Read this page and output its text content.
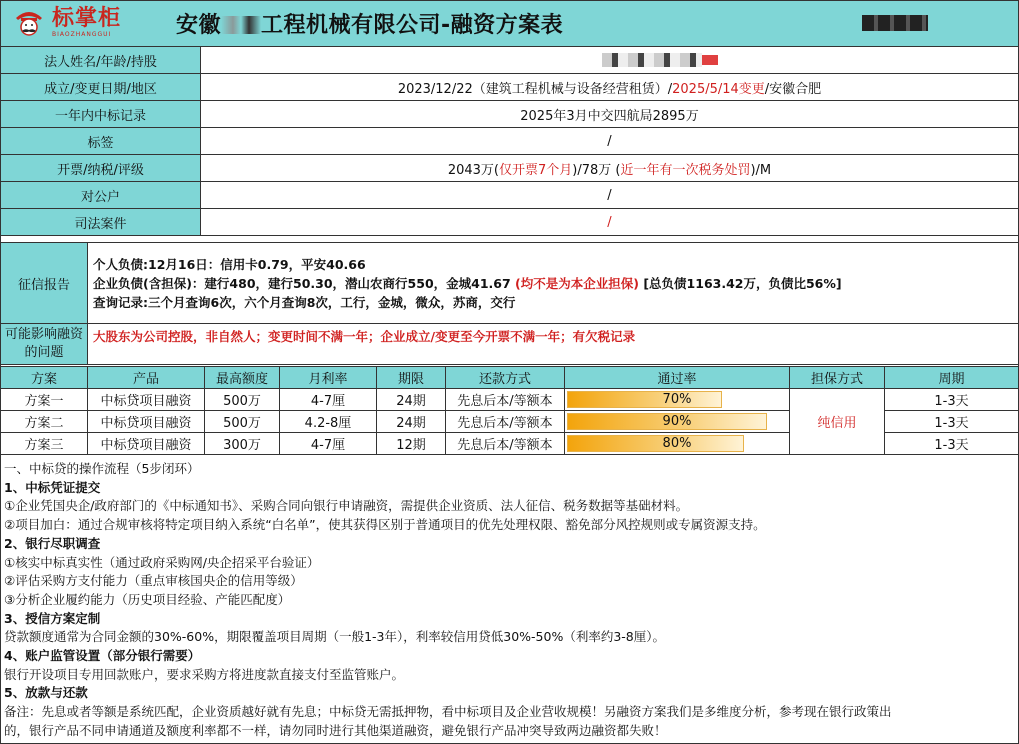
标掌柜
BIAOZHANGGUI	安徽 工程机械有限公司-融资方案表
法人姓名/年龄/持股	
成立/变更日期/地区	2023/12/22（建筑工程机械与设备经营租赁）/2025/5/14变更/安徽合肥
一年内中标记录	2025年3月中交四航局2895万
标签	/
开票/纳税/评级	2043万(仅开票7个月)/78万 (近一年有一次税务处罚)/M
对公户	/
司法案件	/
征信报告	个人负债:12月16日：信用卡0.79，平安40.66
企业负债(含担保)：建行480，建行50.30，潜山农商行550，金城41.67 (均不是为本企业担保) [总负债1163.42万，负债比56%]
查询记录:三个月查询6次，六个月查询8次，工行，金城，微众，苏商，交行

可能影响融资的问题	大股东为公司控股，非自然人；变更时间不满一年；企业成立/变更至今开票不满一年；有欠税记录
方案	产品	最高额度	月利率	期限	还款方式	通过率	担保方式	周期
方案一	中标贷项目融资	500万	4-7厘	24期	先息后本/等额本	70%	纯信用	1-3天
方案二	中标贷项目融资	500万	4.2-8厘	24期	先息后本/等额本	90%		1-3天
方案三	中标贷项目融资	300万	4-7厘	12期	先息后本/等额本	80%		1-3天
一、中标贷的操作流程（5步闭环）
1、中标凭证提交
①企业凭国央企/政府部门的《中标通知书》、采购合同向银行申请融资，需提供企业资质、法人征信、税务数据等基础材料。
②项目加白：通过合规审核将特定项目纳入系统“白名单”，使其获得区别于普通项目的优先处理权限、豁免部分风控规则或专属资源支持。
2、银行尽职调查
①核实中标真实性（通过政府采购网/央企招采平台验证）
②评估采购方支付能力（重点审核国央企的信用等级）
③分析企业履约能力（历史项目经验、产能匹配度）
3、授信方案定制
贷款额度通常为合同金额的30%-60%，期限覆盖项目周期（一般1-3年），利率较信用贷低30%-50%（利率约3-8厘）。
4、账户监管设置（部分银行需要）
银行开设项目专用回款账户，要求采购方将进度款直接支付至监管账户。
5、放款与还款
备注：先息或者等额是系统匹配，企业资质越好就有先息；中标贷无需抵押物，看中标项目及企业营收规模！另融资方案我们是多维度分析，参考现在银行政策出
的，银行产品不同申请通道及额度利率都不一样，请勿同时进行其他渠道融资，避免银行产品冲突导致两边融资都失败！
